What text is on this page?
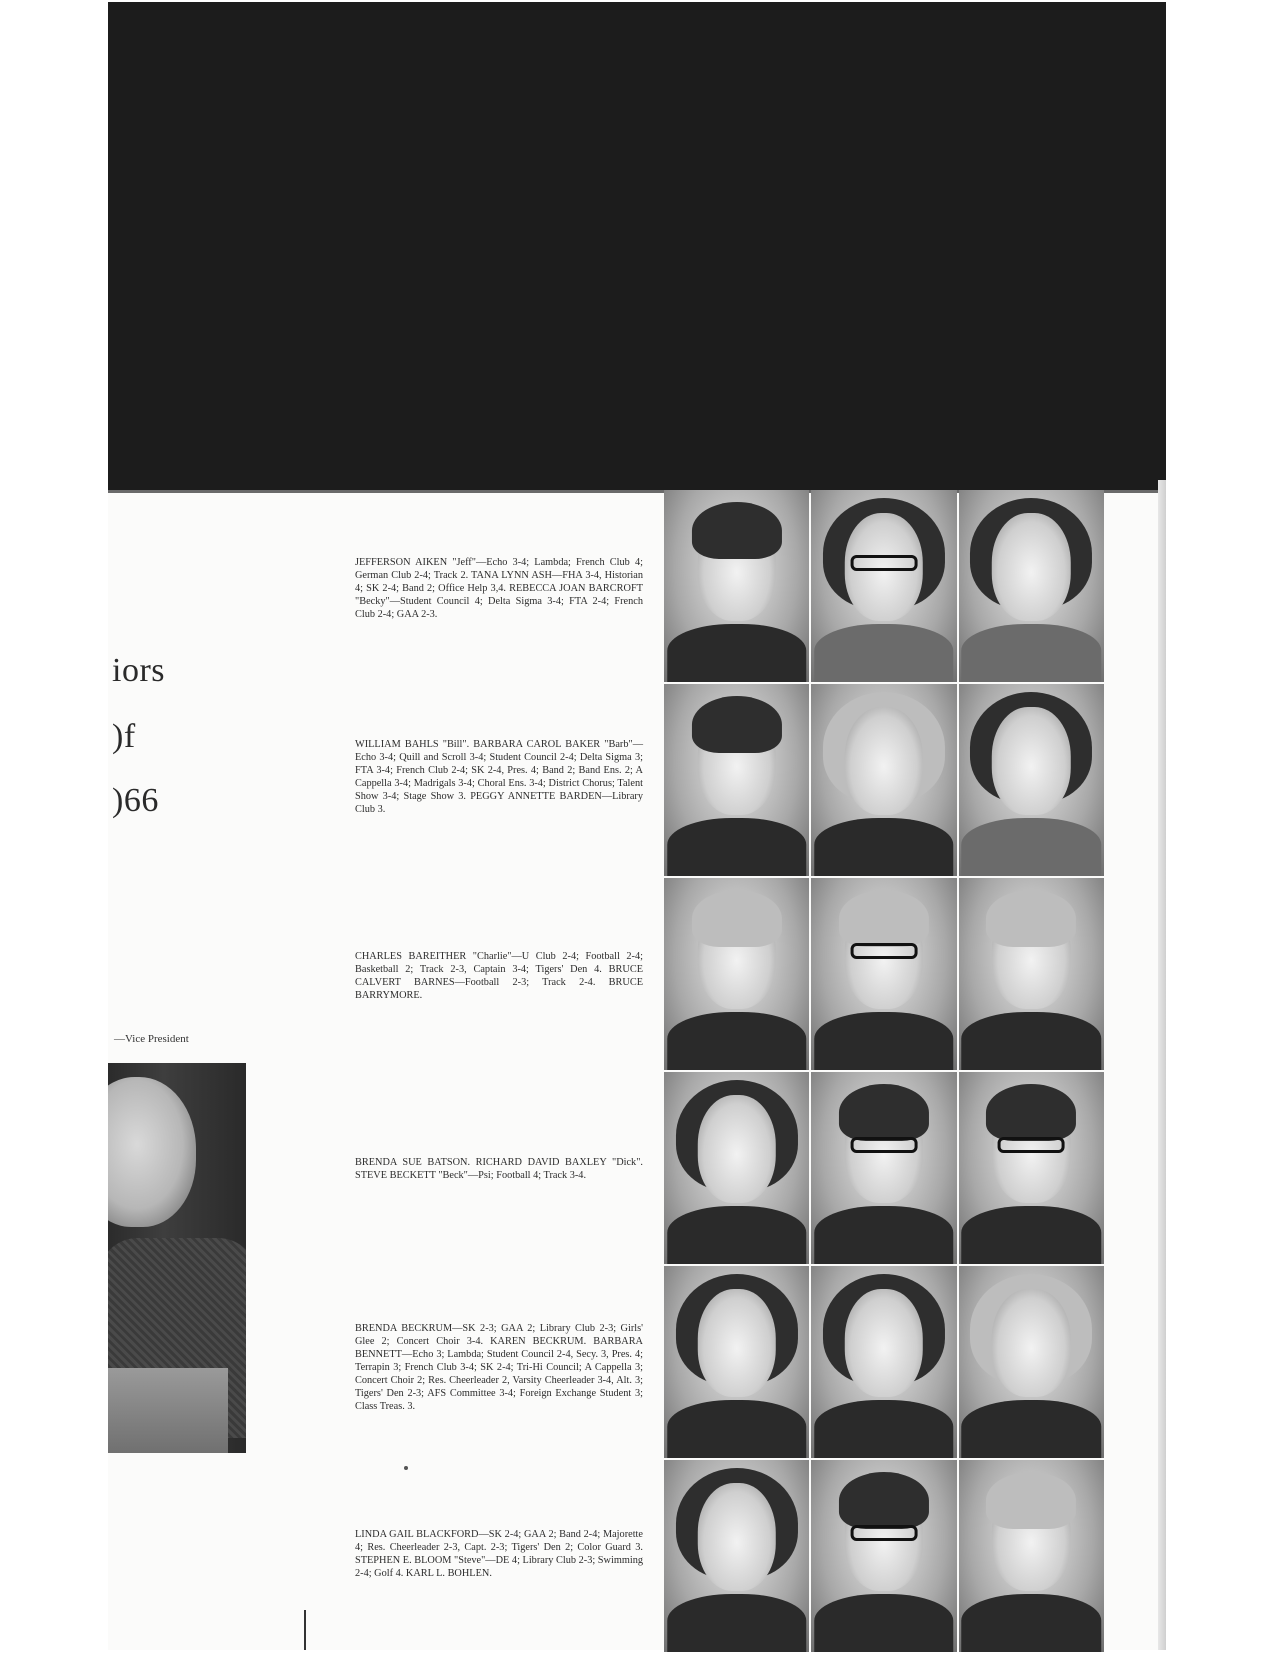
iors
)f
)66
—Vice President

JEFFERSON AIKEN "Jeff"—Echo 3-4; Lambda; French Club 4; German Club 2-4; Track 2. TANA LYNN ASH—FHA 3-4, Historian 4; SK 2-4; Band 2; Office Help 3,4. REBECCA JOAN BARCROFT "Becky"—Student Council 4; Delta Sigma 3-4; FTA 2-4; French Club 2-4; GAA 2-3.

WILLIAM BAHLS "Bill". BARBARA CAROL BAKER "Barb"—Echo 3-4; Quill and Scroll 3-4; Student Council 2-4; Delta Sigma 3; FTA 3-4; French Club 2-4; SK 2-4, Pres. 4; Band 2; Band Ens. 2; A Cappella 3-4; Madrigals 3-4; Choral Ens. 3-4; District Chorus; Talent Show 3-4; Stage Show 3. PEGGY ANNETTE BARDEN—Library Club 3.

CHARLES BAREITHER "Charlie"—U Club 2-4; Football 2-4; Basketball 2; Track 2-3, Captain 3-4; Tigers' Den 4. BRUCE CALVERT BARNES—Football 2-3; Track 2-4. BRUCE BARRYMORE.

BRENDA SUE BATSON. RICHARD DAVID BAXLEY "Dick". STEVE BECKETT "Beck"—Psi; Football 4; Track 3-4.

BRENDA BECKRUM—SK 2-3; GAA 2; Library Club 2-3; Girls' Glee 2; Concert Choir 3-4. KAREN BECKRUM. BARBARA BENNETT—Echo 3; Lambda; Student Council 2-4, Secy. 3, Pres. 4; Terrapin 3; French Club 3-4; SK 2-4; Tri-Hi Council; A Cappella 3; Concert Choir 2; Res. Cheerleader 2, Varsity Cheerleader 3-4, Alt. 3; Tigers' Den 2-3; AFS Committee 3-4; Foreign Exchange Student 3; Class Treas. 3.

LINDA GAIL BLACKFORD—SK 2-4; GAA 2; Band 2-4; Majorette 4; Res. Cheerleader 2-3, Capt. 2-3; Tigers' Den 2; Color Guard 3. STEPHEN E. BLOOM "Steve"—DE 4; Library Club 2-3; Swimming 2-4; Golf 4. KARL L. BOHLEN.
